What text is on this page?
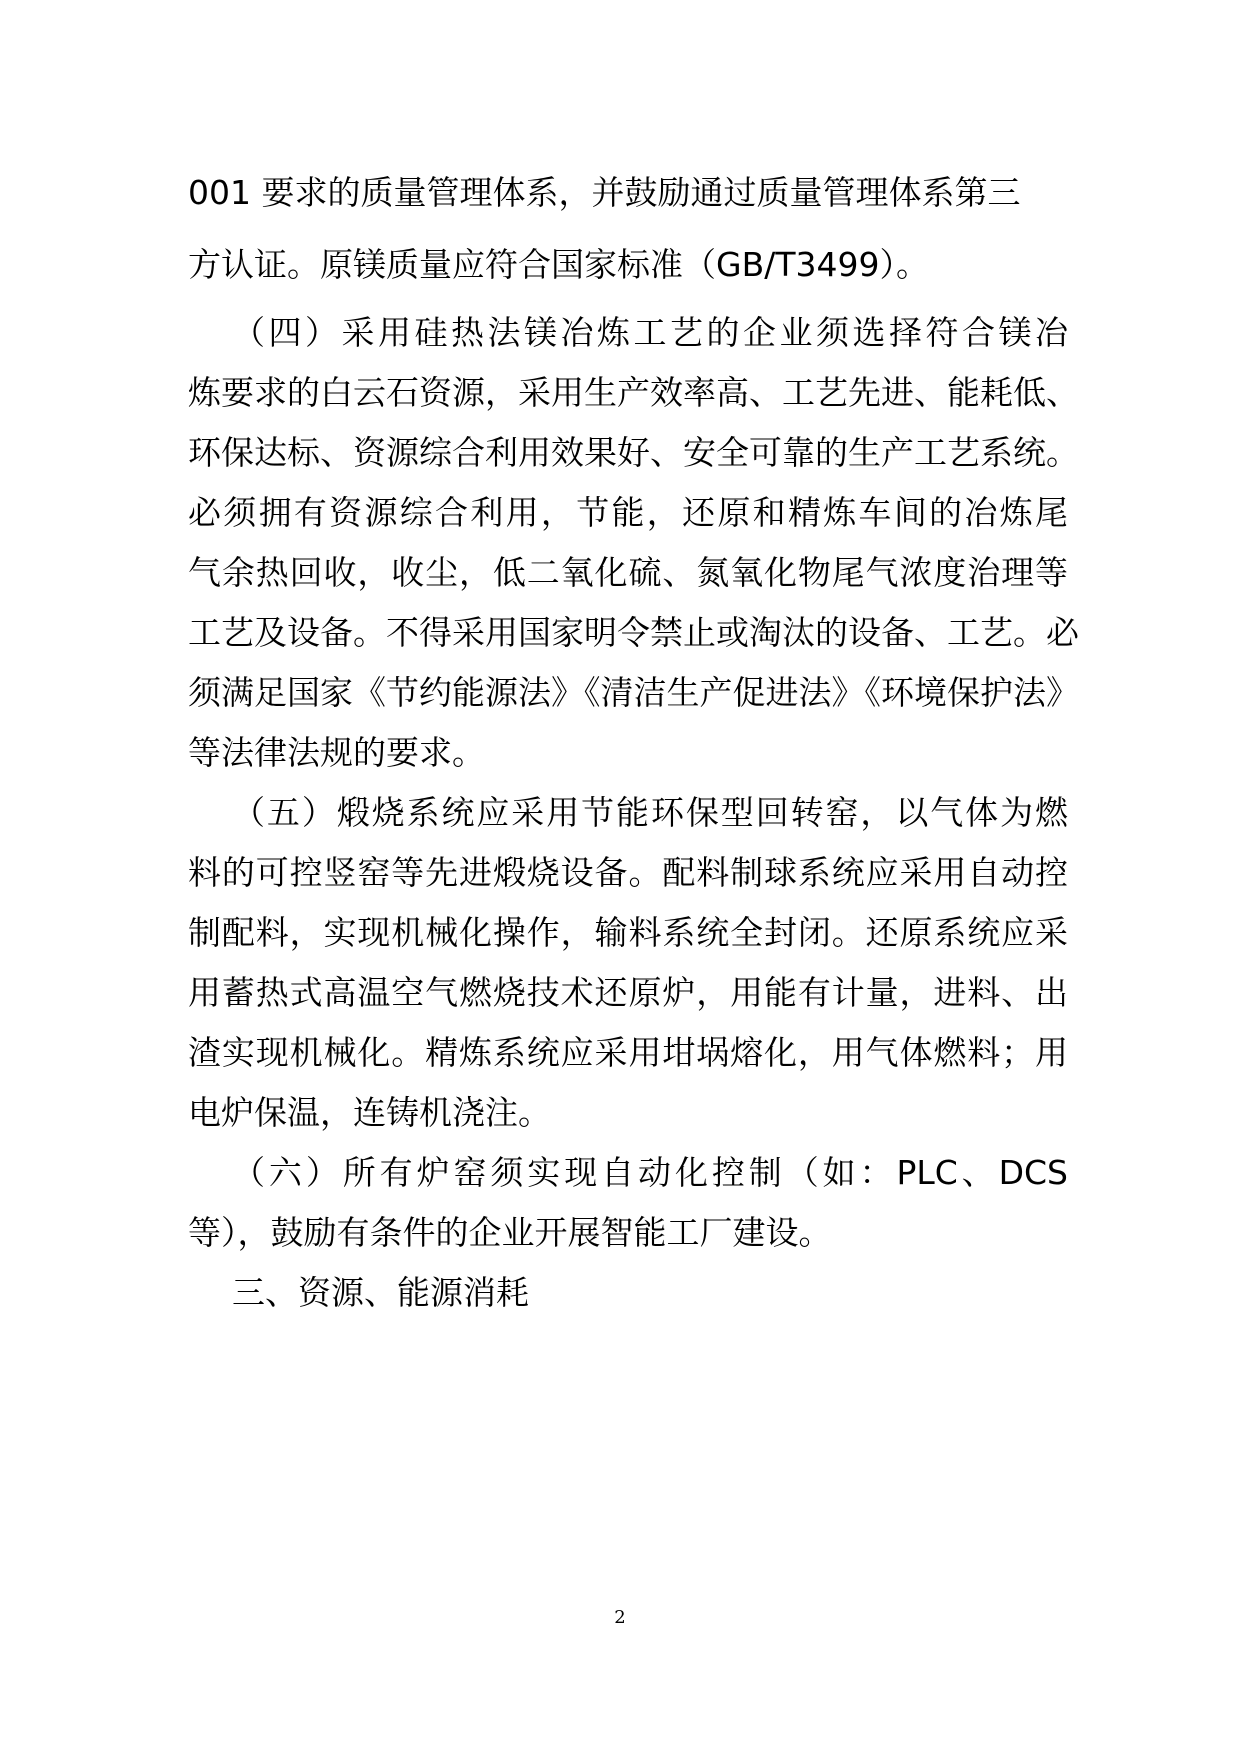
001 要求的质量管理体系，并鼓励通过质量管理体系第三
方认证。原镁质量应符合国家标准（GB/T3499）。
（四）采用硅热法镁冶炼工艺的企业须选择符合镁冶
炼要求的白云石资源，采用生产效率高、工艺先进、能耗低、
环保达标、资源综合利用效果好、安全可靠的生产工艺系统。
必须拥有资源综合利用，节能，还原和精炼车间的冶炼尾
气余热回收，收尘，低二氧化硫、氮氧化物尾气浓度治理等
工艺及设备。不得采用国家明令禁止或淘汰的设备、工艺。必
须满足国家《节约能源法》《清洁生产促进法》《环境保护法》
等法律法规的要求。
（五）煅烧系统应采用节能环保型回转窑，以气体为燃
料的可控竖窑等先进煅烧设备。配料制球系统应采用自动控
制配料，实现机械化操作，输料系统全封闭。还原系统应采
用蓄热式高温空气燃烧技术还原炉，用能有计量，进料、出
渣实现机械化。精炼系统应采用坩埚熔化，用气体燃料；用
电炉保温，连铸机浇注。
（六）所有炉窑须实现自动化控制（如：PLC、DCS
等），鼓励有条件的企业开展智能工厂建设。
三、资源、能源消耗
2
